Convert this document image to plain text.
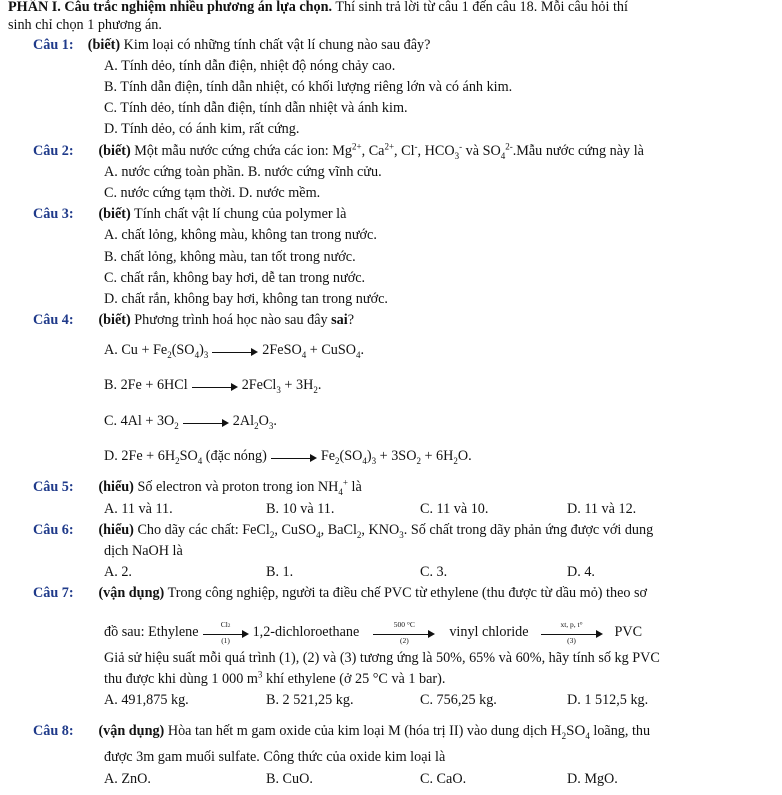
PHẦN I. Câu trắc nghiệm nhiều phương án lựa chọn. Thí sinh trả lời từ câu 1 đến câu 18. Mỗi câu hỏi thí
sinh chỉ chọn 1 phương án.
Câu 1: (biết) Kim loại có những tính chất vật lí chung nào sau đây?
A. Tính dẻo, tính dẫn điện, nhiệt độ nóng chảy cao.
B. Tính dẫn điện, tính dẫn nhiệt, có khối lượng riêng lớn và có ánh kim.
C. Tính dẻo, tính dẫn điện, tính dẫn nhiệt và ánh kim.
D. Tính dẻo, có ánh kim, rất cứng.
Câu 2: (biết) Một mẫu nước cứng chứa các ion: $Mg^{2+}$, $Ca^{2+}$, Cl-, $HCO_3^-$ và $SO_4^{2-}.Mẫu$ nước cứng này là
A. nước cứng toàn phần. B. nước cứng vĩnh cửu.
C. nước cứng tạm thời. D. nước mềm.
Câu 3: (biết) Tính chất vật lí chung của polymer là
A. chất lỏng, không màu, không tan trong nước.
B. chất lỏng, không màu, tan tốt trong nước.
C. chất rắn, không bay hơi, dễ tan trong nước.
D. chất rắn, không bay hơi, không tan trong nước.
Câu 4: (biết) Phương trình hoá học nào sau đây sai?
A. $Cu + Fe_2(SO_4)_3$	2FeSO$_4$ + CuSO$_4$.
B. 2Fe + 6HCl	2FeCl$_3$ + $3H_2$.
C. $4Al + 3O_2$	$2Al_2O_3$.
D. $2Fe + 6H_2SO_4$ (đặc nóng)	$Fe_2(SO_4)_3 + 3SO_2 + 6H_2O$.
Câu 5: (hiểu) Số electron và proton trong ion $NH_4^+$ là
A. 11 và 11.	B. 10 và 11.	C. 11 và 10.	D. 11 và 12.
Câu 6: (hiểu) Cho dãy các chất: FeCl$_2$, CuSO$_4$, BaCl$_2$, $KNO_3$. Số chất trong dãy phản ứng được với dung
dịch NaOH là
A. 2.	B. 1.	C. 3.	D. 4.
Câu 7: (vận dụng) Trong công nghiệp, người ta điều chế PVC từ ethylene (thu được từ dầu mỏ) theo sơ
đồ sau: Ethylene $\frac{Cl2}{(1)}$ 1,2-dichloroethane $\frac{500 ^\circ C}{(2)}$ vinyl chloride $\frac{xt, p, t^\circ}{(3)}$ PVC
Giả sử hiệu suất mỗi quá trình (1), (2) và (3) tương ứng là 50%, 65% và 60%, hãy tính số kg PVC
thu được khi dùng 1 000 $m^3$ khí ethylene (ở 25 °C và 1 bar).
A. 491,875 kg.	B. 2 521,25 kg.	C. 756,25 kg.	D. 1 512,5 kg.
Câu 8: (vận dụng) Hòa tan hết m gam oxide của kim loại M (hóa trị II) vào dung dịch $H_2SO_4$ loãng, thu
được 3m gam muối sulfate. Công thức của oxide kim loại là
A. ZnO.	B. CuO.	C. CaO.	D. MgO.
